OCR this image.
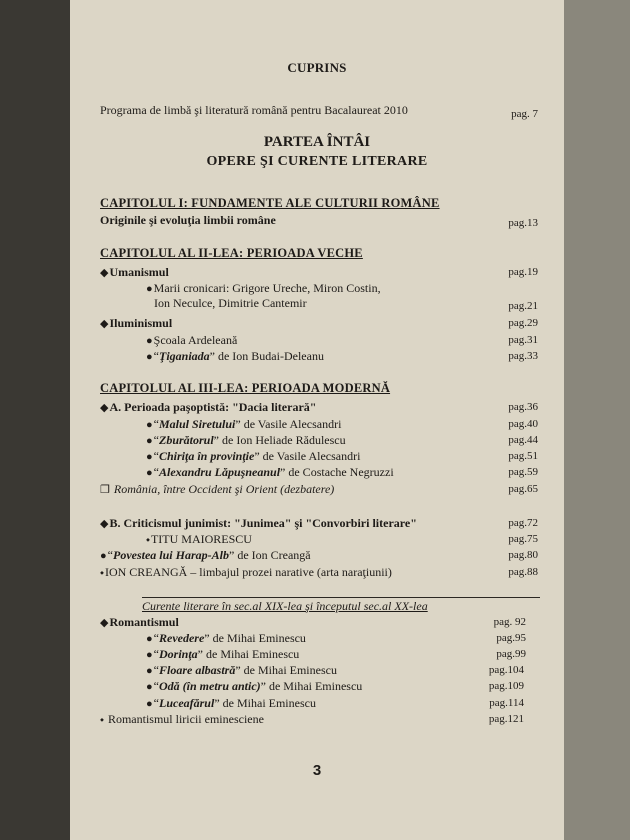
CUPRINS
Programa de limbă şi literatură română pentru Bacalaureat 2010	pag. 7
PARTEA ÎNTÂI
OPERE ŞI CURENTE LITERARE
CAPITOLUL I: FUNDAMENTE ALE CULTURII ROMÂNE
Originile şi evoluţia limbii române	pag.13
CAPITOLUL AL II-LEA: PERIOADA VECHE
◆Umanismul	pag.19
●Marii cronicari: Grigore Ureche, Miron Costin,
Ion Neculce, Dimitrie Cantemir	pag.21
◆Iluminismul	pag.29
●Şcoala Ardeleană	pag.31
●“Ţiganiada” de Ion Budai-Deleanu	pag.33
CAPITOLUL AL III-LEA: PERIOADA MODERNĂ
◆A. Perioada paşoptistă: "Dacia literară"	pag.36
●“Malul Siretului” de Vasile Alecsandri	pag.40
●“Zburătorul” de Ion Heliade Rădulescu	pag.44
●“Chiriţa în provinţie” de Vasile Alecsandri	pag.51
●“Alexandru Lăpuşneanul” de Costache Negruzzi	pag.59
❐ România, între Occident şi Orient (dezbatere)	pag.65
◆B. Criticismul junimist: "Junimea" şi "Convorbiri literare"	pag.72
⬩TITU MAIORESCU	pag.75
●“Povestea lui Harap-Alb” de Ion Creangă	pag.80
⬩ION CREANGĂ – limbajul prozei narative (arta naraţiunii)	pag.88
Curente literare în sec.al XIX-lea şi începutul sec.al XX-lea
◆Romantismul	pag. 92
●“Revedere” de Mihai Eminescu	pag.95
●“Dorinţa” de Mihai Eminescu	pag.99
●“Floare albastră” de Mihai Eminescu	pag.104
●“Odă (în metru antic)” de Mihai Eminescu	pag.109
●“Luceafărul” de Mihai Eminescu	pag.114
⬩ Romantismul liricii eminesciene	pag.121
3
